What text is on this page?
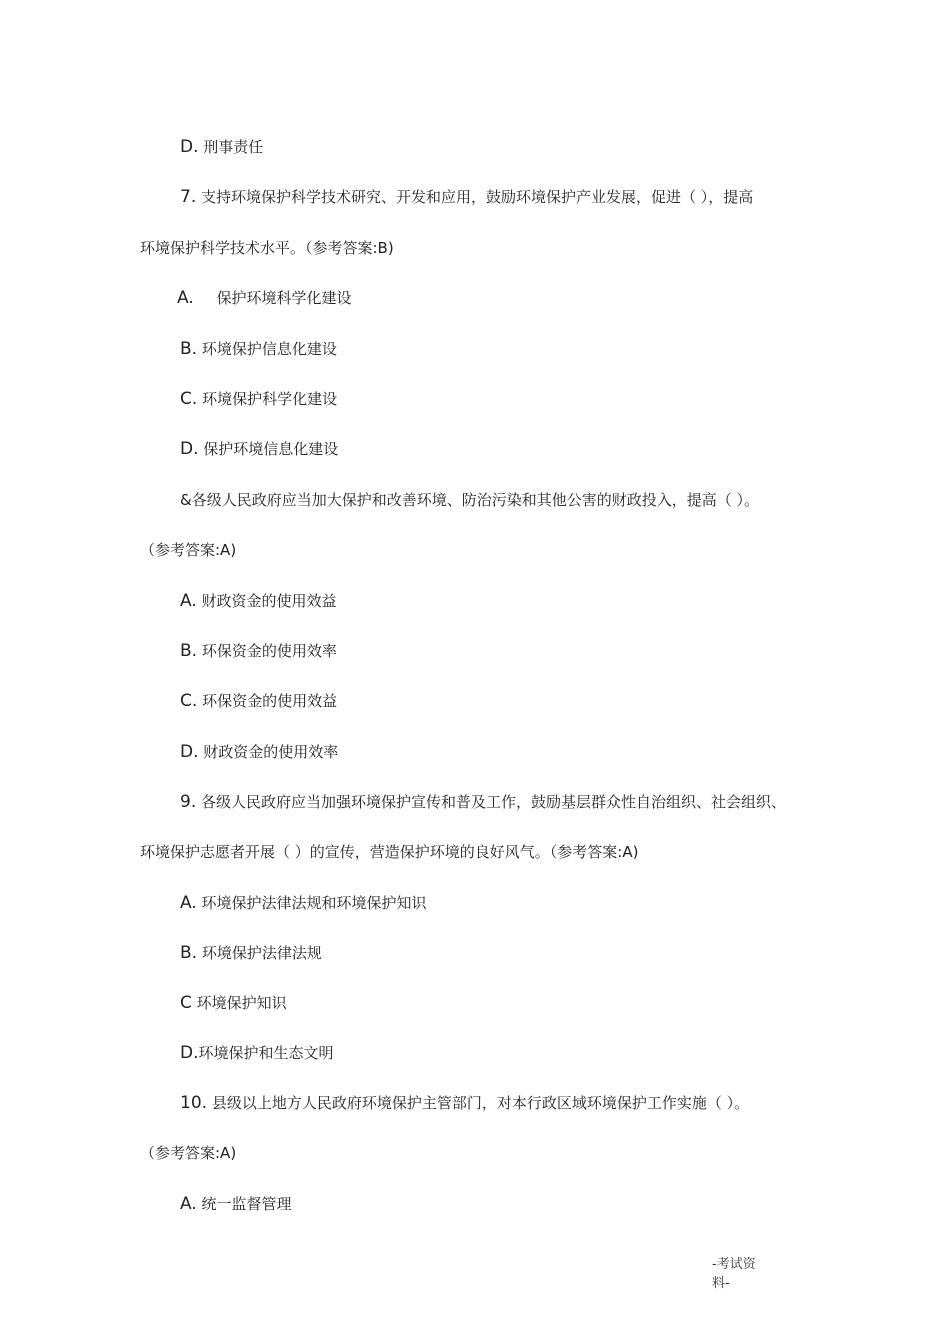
D. 刑事责任
7. 支持环境保护科学技术研究、开发和应用，鼓励环境保护产业发展，促进（ ），提高
环境保护科学技术水平。（参考答案:B)
A. 保护环境科学化建设
B. 环境保护信息化建设
C. 环境保护科学化建设
D. 保护环境信息化建设
&各级人民政府应当加大保护和改善环境、防治污染和其他公害的财政投入，提高（ ）。
（参考答案:A)
A. 财政资金的使用效益
B. 环保资金的使用效率
C. 环保资金的使用效益
D. 财政资金的使用效率
9. 各级人民政府应当加强环境保护宣传和普及工作，鼓励基层群众性自治组织、社会组织、
环境保护志愿者开展（ ）的宣传，营造保护环境的良好风气。（参考答案:A)
A. 环境保护法律法规和环境保护知识
B. 环境保护法律法规
C 环境保护知识
D.环境保护和生态文明
10. 县级以上地方人民政府环境保护主管部门，对本行政区域环境保护工作实施（ ）。
（参考答案:A)
A. 统一监督管理
-考试资
料-
